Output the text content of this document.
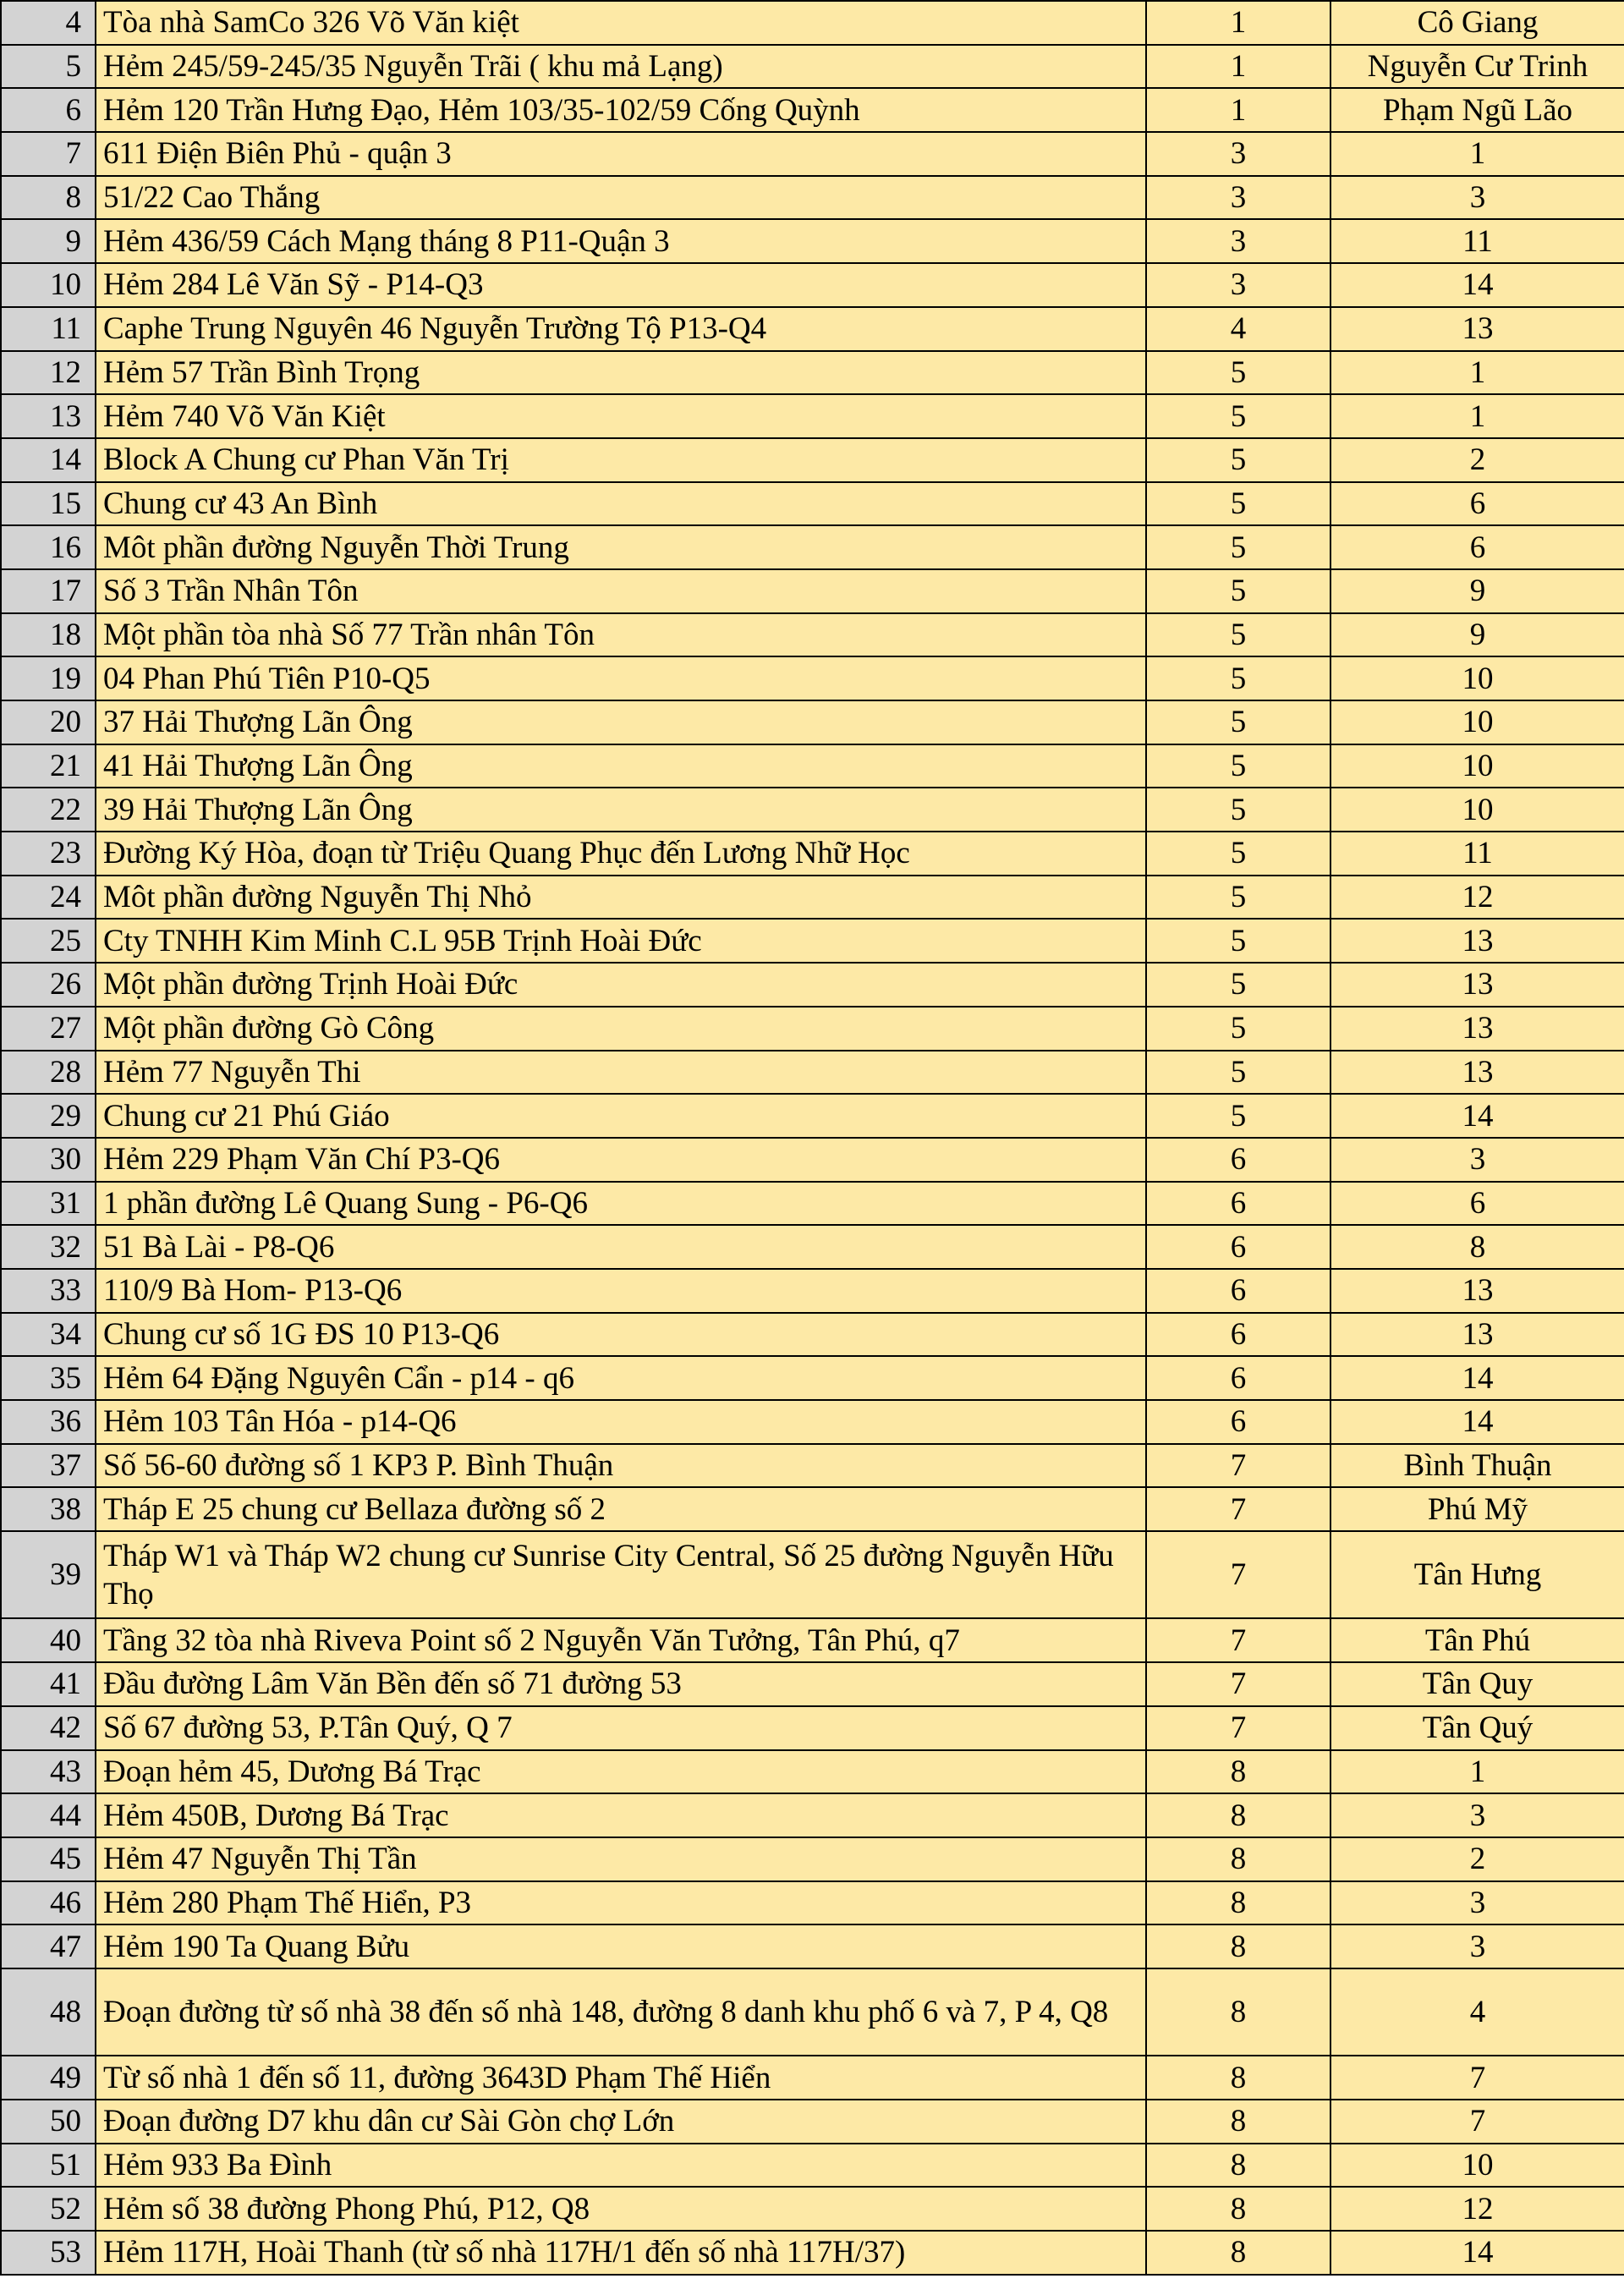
4	Tòa nhà SamCo 326 Võ Văn kiệt	1	Cô Giang
5	Hẻm 245/59-245/35 Nguyễn Trãi ( khu mả Lạng)	1	Nguyễn Cư Trinh
6	Hẻm 120 Trần Hưng Đạo, Hẻm 103/35-102/59 Cống Quỳnh	1	Phạm Ngũ Lão
7	611 Điện Biên Phủ - quận 3	3	1
8	51/22 Cao Thắng	3	3
9	Hẻm 436/59 Cách Mạng tháng 8 P11-Quận 3	3	11
10	Hẻm 284 Lê Văn Sỹ - P14-Q3	3	14
11	Caphe Trung Nguyên 46 Nguyễn Trường Tộ P13-Q4	4	13
12	Hẻm 57 Trần Bình Trọng	5	1
13	Hẻm 740 Võ Văn Kiệt	5	1
14	Block A Chung cư Phan Văn Trị	5	2
15	Chung cư 43 An Bình	5	6
16	Môt phần đường Nguyễn Thời Trung	5	6
17	Số 3 Trần Nhân Tôn	5	9
18	Một phần tòa nhà Số 77 Trần nhân Tôn	5	9
19	04 Phan Phú Tiên P10-Q5	5	10
20	37 Hải Thượng Lãn Ông	5	10
21	41 Hải Thượng Lãn Ông	5	10
22	39 Hải Thượng Lãn Ông	5	10
23	Đường Ký Hòa, đoạn từ Triệu Quang Phục đến Lương Nhữ Học	5	11
24	Môt phần đường Nguyễn Thị Nhỏ	5	12
25	Cty TNHH Kim Minh C.L 95B Trịnh Hoài Đức	5	13
26	Một phần đường Trịnh Hoài Đức	5	13
27	Một phần đường Gò Công	5	13
28	Hẻm 77 Nguyễn Thi	5	13
29	Chung cư 21 Phú Giáo	5	14
30	Hẻm 229 Phạm Văn Chí P3-Q6	6	3
31	1 phần đường Lê Quang Sung - P6-Q6	6	6
32	51 Bà Lài - P8-Q6	6	8
33	110/9 Bà Hom- P13-Q6	6	13
34	Chung cư số 1G ĐS 10 P13-Q6	6	13
35	Hẻm 64 Đặng Nguyên Cẩn - p14 - q6	6	14
36	Hẻm 103 Tân Hóa - p14-Q6	6	14
37	Số 56-60 đường số 1 KP3 P. Bình Thuận	7	Bình Thuận
38	Tháp E 25 chung cư Bellaza đường số 2	7	Phú Mỹ
39	Tháp W1 và Tháp W2 chung cư Sunrise City Central, Số 25 đường Nguyễn Hữu Thọ	7	Tân Hưng
40	Tầng 32 tòa nhà Riveva Point số 2 Nguyễn Văn Tưởng, Tân Phú, q7	7	Tân Phú
41	Đầu đường Lâm Văn Bền đến số 71 đường 53	7	Tân Quy
42	Số 67 đường 53, P.Tân Quý, Q 7	7	Tân Quý
43	Đoạn hẻm 45, Dương Bá Trạc	8	1
44	Hẻm 450B, Dương Bá Trạc	8	3
45	Hẻm 47 Nguyễn Thị Tần	8	2
46	Hẻm 280 Phạm Thế Hiển, P3	8	3
47	Hẻm 190 Ta Quang Bửu	8	3
48	Đoạn đường từ số nhà 38 đến số nhà 148, đường 8 danh khu phố 6 và 7, P 4, Q8	8	4
49	Từ số nhà 1 đến số 11, đường 3643D Phạm Thế Hiển	8	7
50	Đoạn đường D7 khu dân cư Sài Gòn chợ Lớn	8	7
51	Hẻm 933 Ba Đình	8	10
52	Hẻm số 38 đường Phong Phú, P12, Q8	8	12
53	Hẻm 117H, Hoài Thanh (từ số nhà 117H/1 đến số nhà 117H/37)	8	14
